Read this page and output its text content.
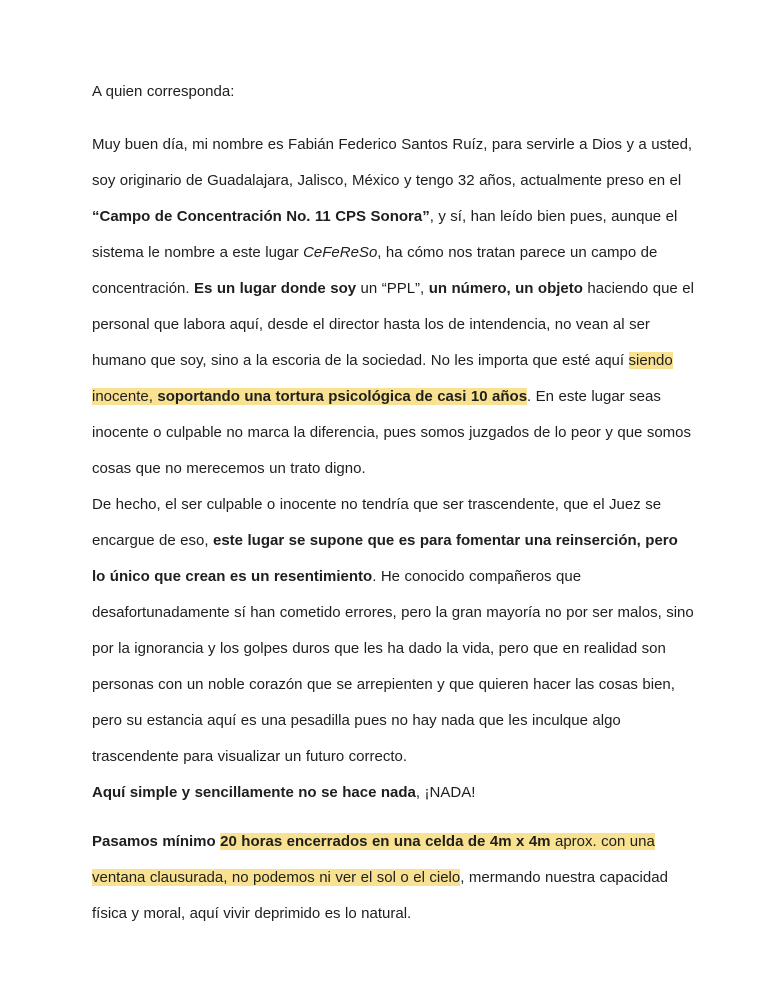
A quien corresponda:

Muy buen día, mi nombre es Fabián Federico Santos Ruíz, para servirle a Dios y a usted, soy originario de Guadalajara, Jalisco, México y tengo 32 años, actualmente preso en el “Campo de Concentración No. 11 CPS Sonora”, y sí, han leído bien pues, aunque el sistema le nombre a este lugar CeFeReSo, ha cómo nos tratan parece un campo de concentración. Es un lugar donde soy un “PPL”, un número, un objeto haciendo que el personal que labora aquí, desde el director hasta los de intendencia, no vean al ser humano que soy, sino a la escoria de la sociedad. No les importa que esté aquí siendo inocente, soportando una tortura psicológica de casi 10 años. En este lugar seas inocente o culpable no marca la diferencia, pues somos juzgados de lo peor y que somos cosas que no merecemos un trato digno.

De hecho, el ser culpable o inocente no tendría que ser trascendente, que el Juez se encargue de eso, este lugar se supone que es para fomentar una reinserción, pero lo único que crean es un resentimiento. He conocido compañeros que desafortunadamente sí han cometido errores, pero la gran mayoría no por ser malos, sino por la ignorancia y los golpes duros que les ha dado la vida, pero que en realidad son personas con un noble corazón que se arrepienten y que quieren hacer las cosas bien, pero su estancia aquí es una pesadilla pues no hay nada que les inculque algo trascendente para visualizar un futuro correcto.

Aquí simple y sencillamente no se hace nada, ¡NADA!

Pasamos mínimo 20 horas encerrados en una celda de 4m x 4m aprox. con una ventana clausurada, no podemos ni ver el sol o el cielo, mermando nuestra capacidad física y moral, aquí vivir deprimido es lo natural.
